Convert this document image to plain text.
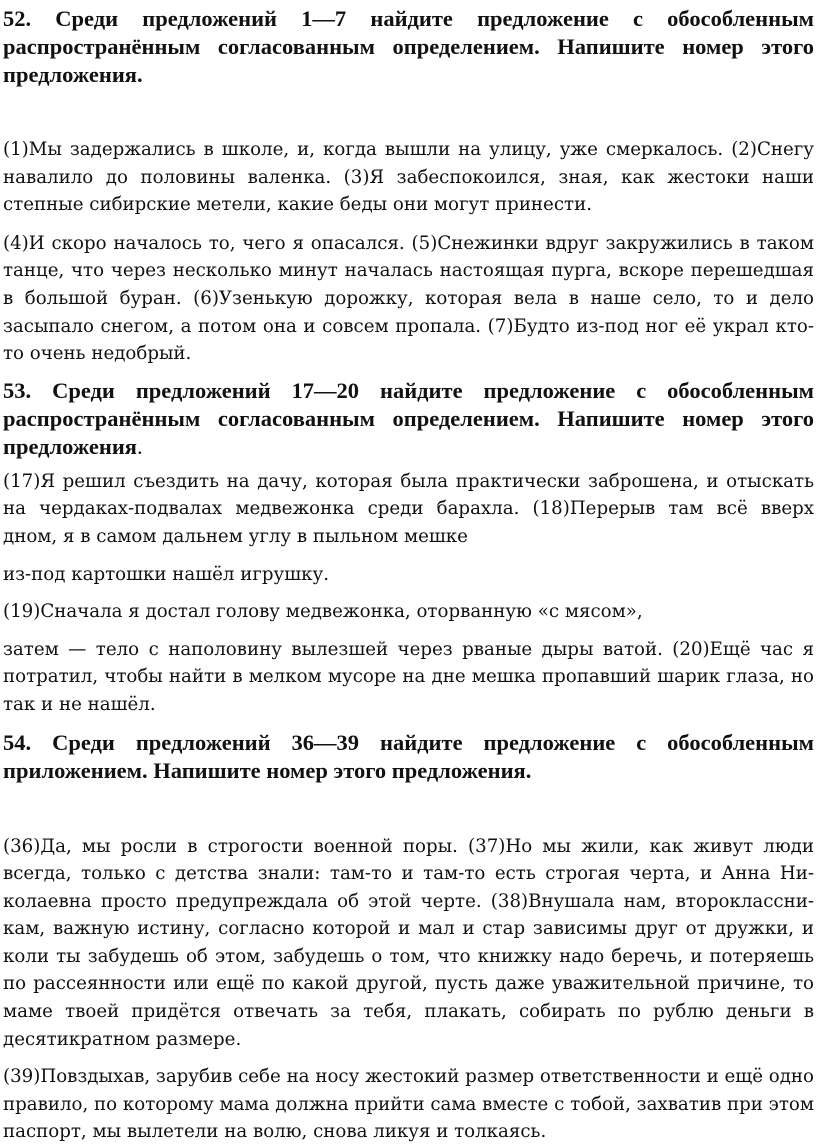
52. Среди предложений 1—7 найдите предложение с обособленным распространённым согласованным определением. Напишите номер этого предложения.

(1)Мы задержались в школе, и, когда вышли на улицу, уже смеркалось. (2)Снегу навалило до половины валенка. (3)Я забеспокоился, зная, как жестоки наши степные сибирские метели, какие беды они могут принести.

(4)И скоро началось то, чего я опасался. (5)Снежинки вдруг закружились в таком танце, что через несколько минут началась настоящая пурга, вскоре перешедшая в большой буран. (6)Узенькую дорожку, которая вела в наше село, то и дело засыпало снегом, а потом она и совсем пропала. (7)Будто из-под ног её украл кто-то очень недобрый.

53. Среди предложений 17—20 найдите предложение с обособленным распространённым согласованным определением. Напишите номер этого предложения.

(17)Я решил съездить на дачу, которая была практически заброшена, и отыскать на чердаках-подвалах медвежонка среди барахла. (18)Перерыв там всё вверх дном, я в самом дальнем углу в пыльном мешке

из-под картошки нашёл игрушку.

(19)Сначала я достал голову медвежонка, оторванную «с мясом»,

затем — тело с наполовину вылезшей через рваные дыры ватой. (20)Ещё час я потратил, чтобы найти в мелком мусоре на дне мешка пропавший шарик глаза, но так и не нашёл.

54. Среди предложений 36—39 найдите предложение с обособленным приложением. Напишите номер этого предложения.

(36)Да, мы росли в строгости военной поры. (37)Но мы жили, как живут люди всегда, только с детства знали: там-то и там-то есть строгая черта, и Анна Николаевна просто предупреждала об этой черте. (38)Внушала нам, второклассникам, важную истину, согласно которой и мал и стар зависимы друг от дружки, и коли ты забудешь об этом, забудешь о том, что книжку надо беречь, и потеряешь по рассеянности или ещё по какой другой, пусть даже уважительной причине, то маме твоей придётся отвечать за тебя, плакать, собирать по рублю деньги в десятикратном размере.

(39)Повздыхав, зарубив себе на носу жестокий размер ответственности и ещё одно правило, по которому мама должна прийти сама вместе с тобой, захватив при этом паспорт, мы вылетели на волю, снова ликуя и толкаясь.
